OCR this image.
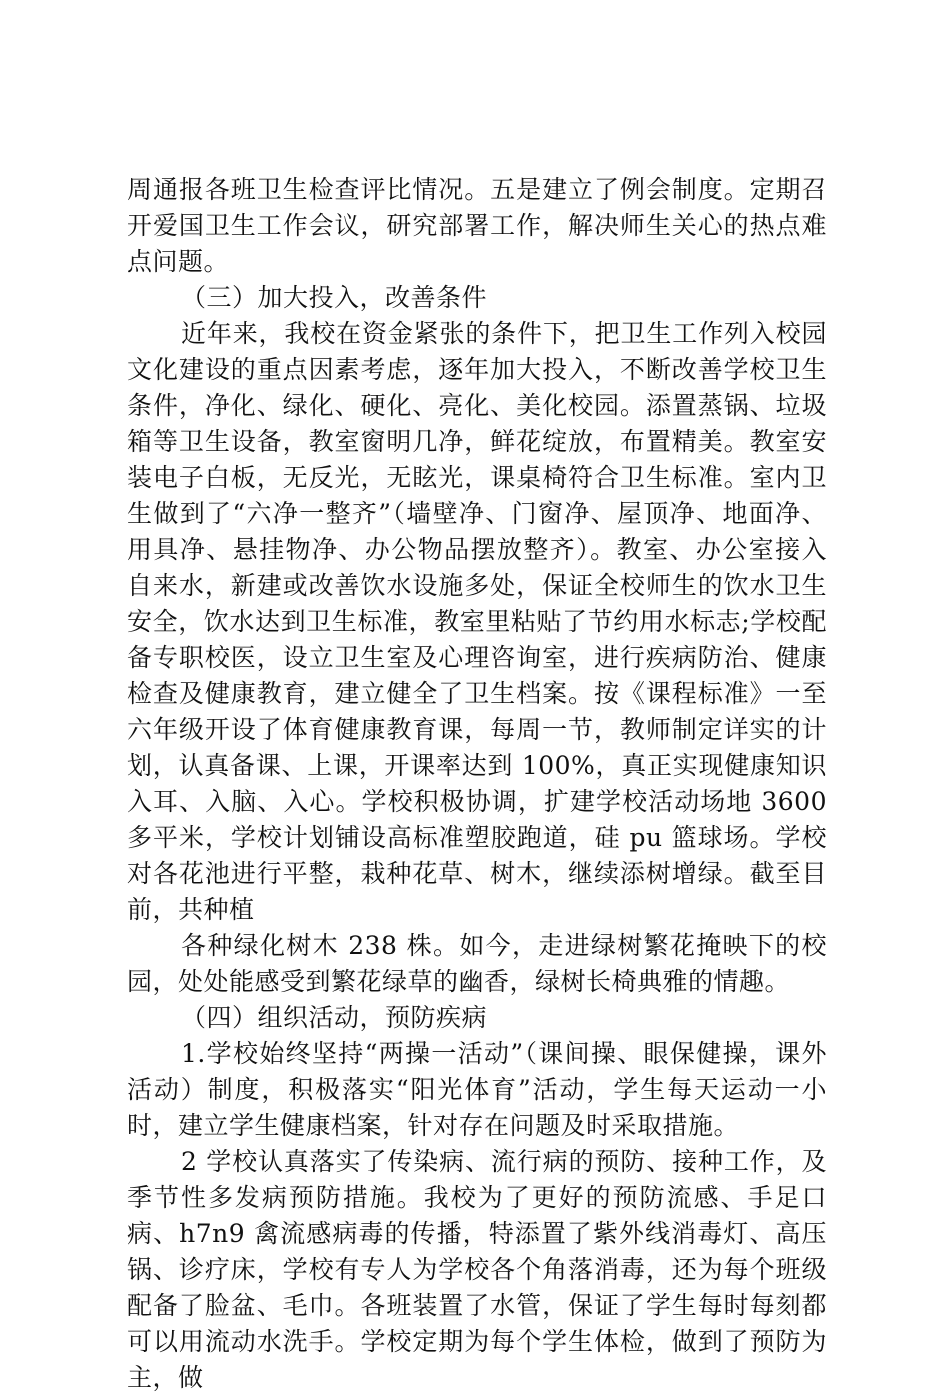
周通报各班卫生检查评比情况。五是建立了例会制度。定期召开爱国卫生工作会议，研究部署工作，解决师生关心的热点难点问题。

（三）加大投入，改善条件

近年来，我校在资金紧张的条件下，把卫生工作列入校园文化建设的重点因素考虑，逐年加大投入，不断改善学校卫生条件，净化、绿化、硬化、亮化、美化校园。添置蒸锅、垃圾箱等卫生设备，教室窗明几净，鲜花绽放，布置精美。教室安装电子白板，无反光，无眩光，课桌椅符合卫生标准。室内卫生做到了“六净一整齐”（墙壁净、门窗净、屋顶净、地面净、用具净、悬挂物净、办公物品摆放整齐）。教室、办公室接入自来水，新建或改善饮水设施多处，保证全校师生的饮水卫生安全，饮水达到卫生标准，教室里粘贴了节约用水标志;学校配备专职校医，设立卫生室及心理咨询室，进行疾病防治、健康检查及健康教育，建立健全了卫生档案。按《课程标准》一至六年级开设了体育健康教育课，每周一节，教师制定详实的计划，认真备课、上课，开课率达到 100%，真正实现健康知识入耳、入脑、入心。学校积极协调，扩建学校活动场地 3600 多平米，学校计划铺设高标准塑胶跑道，硅 pu 篮球场。学校对各花池进行平整，栽种花草、树木，继续添树增绿。截至目前，共种植

各种绿化树木 238 株。如今，走进绿树繁花掩映下的校园，处处能感受到繁花绿草的幽香，绿树长椅典雅的情趣。

（四）组织活动，预防疾病

1.学校始终坚持“两操一活动”（课间操、眼保健操，课外活动）制度，积极落实“阳光体育”活动，学生每天运动一小时，建立学生健康档案，针对存在问题及时采取措施。

2 学校认真落实了传染病、流行病的预防、接种工作，及季节性多发病预防措施。我校为了更好的预防流感、手足口病、h7n9 禽流感病毒的传播，特添置了紫外线消毒灯、高压锅、诊疗床，学校有专人为学校各个角落消毒，还为每个班级配备了脸盆、毛巾。各班装置了水管，保证了学生每时每刻都可以用流动水洗手。学校定期为每个学生体检，做到了预防为主，做
